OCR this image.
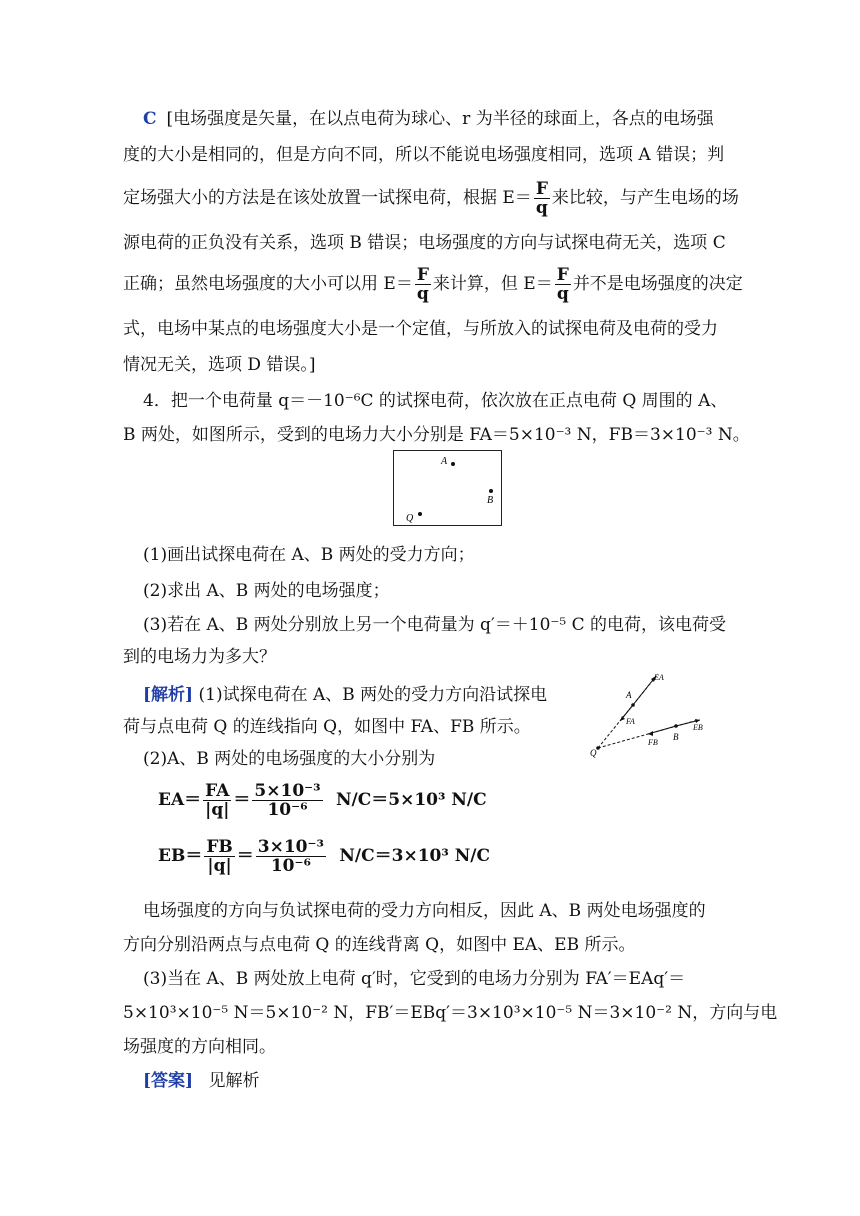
C [电场强度是矢量，在以点电荷为球心、r 为半径的球面上，各点的电场强
度的大小是相同的，但是方向不同，所以不能说电场强度相同，选项 A 错误；判
定场强大小的方法是在该处放置一试探电荷，根据 $E= \frac{F}{q}$ 来比较，与产生电场的场
源电荷的正负没有关系，选项 B 错误；电场强度的方向与试探电荷无关，选项 C
正确；虽然电场强度的大小可以用 $E= \frac{F}{q}$ 来计算，但 $E= \frac{F}{q}$ 并不是电场强度的决定
式，电场中某点的电场强度大小是一个定值，与所放入的试探电荷及电荷的受力
情况无关，选项 D 错误。]
4．把一个电荷量 q＝－10⁻⁶C 的试探电荷，依次放在正点电荷 Q 周围的 A、
B 两处，如图所示，受到的电场力大小分别是 FA＝5×10⁻³ N，FB＝3×10⁻³ N。
A
B
Q
(1)画出试探电荷在 A、B 两处的受力方向；
(2)求出 A、B 两处的电场强度；
(3)若在 A、B 两处分别放上另一个电荷量为 q′＝＋10⁻⁵ C 的电荷，该电荷受
到的电场力为多大？
[解析] (1)试探电荷在 A、B 两处的受力方向沿试探电
荷与点电荷 Q 的连线指向 Q，如图中 FA、FB 所示。
A
EA
FA
B
EB
FB
Q
(2)A、B 两处的电场强度的大小分别为
$EA= \frac{FA}{|q|} = \frac{\text{5×10⁻³}}{\text{10⁻⁶}} N/C=5\times 10^3$ N/C
$EB= \frac{FB}{|q|} = \frac{\text{3×10⁻³}}{\text{10⁻⁶}} N/C=3\times 10^3$ N/C
电场强度的方向与负试探电荷的受力方向相反，因此 A、B 两处电场强度的
方向分别沿两点与点电荷 Q 的连线背离 Q，如图中 EA、EB 所示。
(3)当在 A、B 两处放上电荷 q′时，它受到的电场力分别为 FA′＝EAq′＝
5×10³×10⁻⁵ N＝5×10⁻² N，FB′＝EBq′＝3×10³×10⁻⁵ N＝3×10⁻² N，方向与电
场强度的方向相同。
[答案] 见解析
